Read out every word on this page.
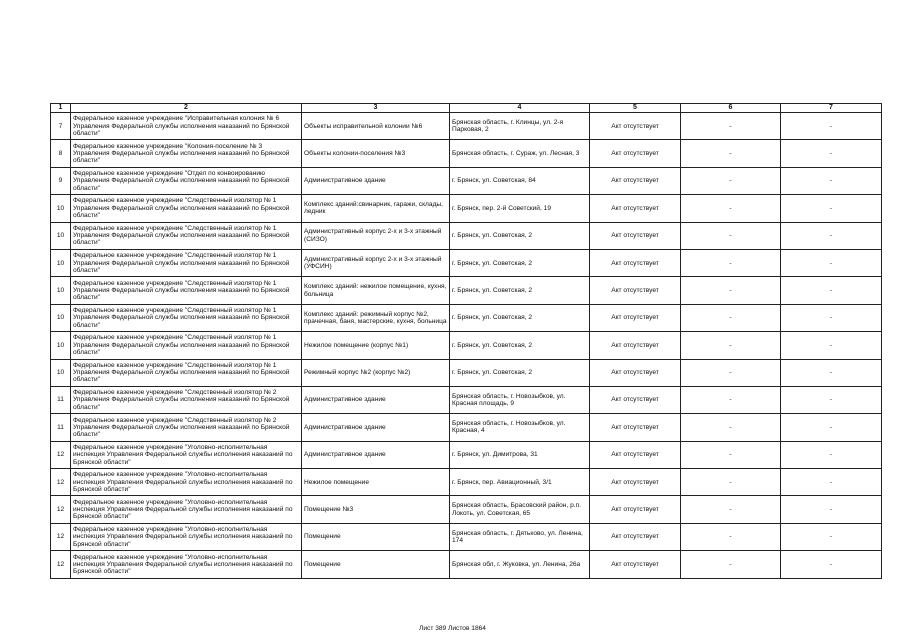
1	2	3	4	5	6	7
7	Федеральное казенное учреждение "Исправительная колония № 6 Управления Федеральной службы исполнения наказаний по Брянской области"	Объекты исправительной колонии №6	Брянская область, г. Клинцы, ул. 2-я Парковая, 2	Акт отсутствует	-	-
8	Федеральное казенное учреждение "Колония-поселение № 3 Управления Федеральной службы исполнения наказаний по Брянской области"	Объекты колонии-поселения №3	Брянская область, г. Сураж, ул. Лесная, 3	Акт отсутствует	-	-
9	Федеральное казенное учреждение "Отдел по конвоированию Управления Федеральной службы исполнения наказаний по Брянской области"	Административное здание	г. Брянск, ул. Советская, 84	Акт отсутствует	-	-
10	Федеральное казенное учреждение "Следственный изолятор № 1 Управления Федеральной службы исполнения наказаний по Брянской области"	Комплекс зданий:свинарник, гаражи, склады, ледник	г. Брянск, пер. 2-й Советский, 19	Акт отсутствует	-	-
10	Федеральное казенное учреждение "Следственный изолятор № 1 Управления Федеральной службы исполнения наказаний по Брянской области"	Административный корпус 2-х и 3-х этажный (СИЗО)	г. Брянск, ул. Советская, 2	Акт отсутствует	-	-
10	Федеральное казенное учреждение "Следственный изолятор № 1 Управления Федеральной службы исполнения наказаний по Брянской области"	Административный корпус 2-х и 3-х этажный (УФСИН)	г. Брянск, ул. Советская, 2	Акт отсутствует	-	-
10	Федеральное казенное учреждение "Следственный изолятор № 1 Управления Федеральной службы исполнения наказаний по Брянской области"	Комплекс зданий: нежилое помещение, кухня, больница	г. Брянск, ул. Советская, 2	Акт отсутствует	-	-
10	Федеральное казенное учреждение "Следственный изолятор № 1 Управления Федеральной службы исполнения наказаний по Брянской области"	Комплекс зданий: режимный корпус №2, прачечная, баня, мастерские, кухня, больница	г. Брянск, ул. Советская, 2	Акт отсутствует	-	-
10	Федеральное казенное учреждение "Следственный изолятор № 1 Управления Федеральной службы исполнения наказаний по Брянской области"	Нежилое помещение (корпус №1)	г. Брянск, ул. Советская, 2	Акт отсутствует	-	-
10	Федеральное казенное учреждение "Следственный изолятор № 1 Управления Федеральной службы исполнения наказаний по Брянской области"	Режимный корпус №2 (корпус №2)	г. Брянск, ул. Советская, 2	Акт отсутствует	-	-
11	Федеральное казенное учреждение "Следственный изолятор № 2 Управления Федеральной службы исполнения наказаний по Брянской области"	Административное здание	Брянская область, г. Новозыбков, ул. Красная площадь, 9	Акт отсутствует	-	-
11	Федеральное казенное учреждение "Следственный изолятор № 2 Управления Федеральной службы исполнения наказаний по Брянской области"	Административное здание	Брянская область, г. Новозыбков, ул. Красная, 4	Акт отсутствует	-	-
12	Федеральное казенное учреждение "Уголовно-исполнительная инспекция Управления Федеральной службы исполнения наказаний по Брянской области"	Административное здание	г. Брянск, ул. Димитрова, 31	Акт отсутствует	-	-
12	Федеральное казенное учреждение "Уголовно-исполнительная инспекция Управления Федеральной службы исполнения наказаний по Брянской области"	Нежилое помещение	г. Брянск, пер. Авиационный, 3/1	Акт отсутствует	-	-
12	Федеральное казенное учреждение "Уголовно-исполнительная инспекция Управления Федеральной службы исполнения наказаний по Брянской области"	Помещение №3	Брянская область, Брасовский район, р.п. Локоть, ул. Советская, 65	Акт отсутствует	-	-
12	Федеральное казенное учреждение "Уголовно-исполнительная инспекция Управления Федеральной службы исполнения наказаний по Брянской области"	Помещение	Брянская область, г. Дятьково, ул. Ленина, 174	Акт отсутствует	-	-
12	Федеральное казенное учреждение "Уголовно-исполнительная инспекция Управления Федеральной службы исполнения наказаний по Брянской области"	Помещение	Брянская обл, г. Жуковка, ул. Ленина, 26а	Акт отсутствует	-	-
Лист 389 Листов 1864
